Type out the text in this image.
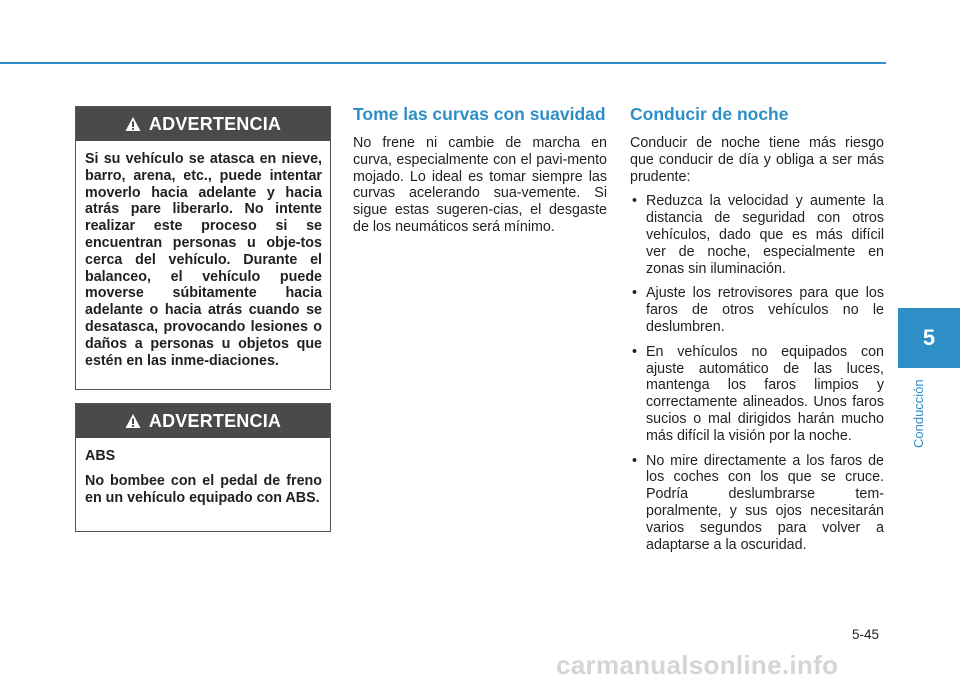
ADVERTENCIA

Si su vehículo se atasca en nieve, barro, arena, etc., puede intentar moverlo hacia adelante y hacia atrás pare liberarlo. No intente realizar este proceso si se encuentran personas u obje-tos cerca del vehículo. Durante el balanceo, el vehículo puede moverse súbitamente hacia adelante o hacia atrás cuando se desatasca, provocando lesiones o daños a personas u objetos que estén en las inme-diaciones.

ADVERTENCIA

ABS

No bombee con el pedal de freno en un vehículo equipado con ABS.

Tome las curvas con suavidad

No frene ni cambie de marcha en curva, especialmente con el pavi-mento mojado. Lo ideal es tomar siempre las curvas acelerando sua-vemente. Si sigue estas sugeren-cias, el desgaste de los neumáticos será mínimo.

Conducir de noche

Conducir de noche tiene más riesgo que conducir de día y obliga a ser más prudente:

• Reduzca la velocidad y aumente la distancia de seguridad con otros vehículos, dado que es más difícil ver de noche, especialmente en zonas sin iluminación.
• Ajuste los retrovisores para que los faros de otros vehículos no le deslumbren.
• En vehículos no equipados con ajuste automático de las luces, mantenga los faros limpios y correctamente alineados. Unos faros sucios o mal dirigidos harán mucho más difícil la visión por la noche.
• No mire directamente a los faros de los coches con los que se cruce. Podría deslumbrarse tem-poralmente, y sus ojos necesitarán varios segundos para volver a adaptarse a la oscuridad.
5
Conducción
5-45
carmanualsonline.info
